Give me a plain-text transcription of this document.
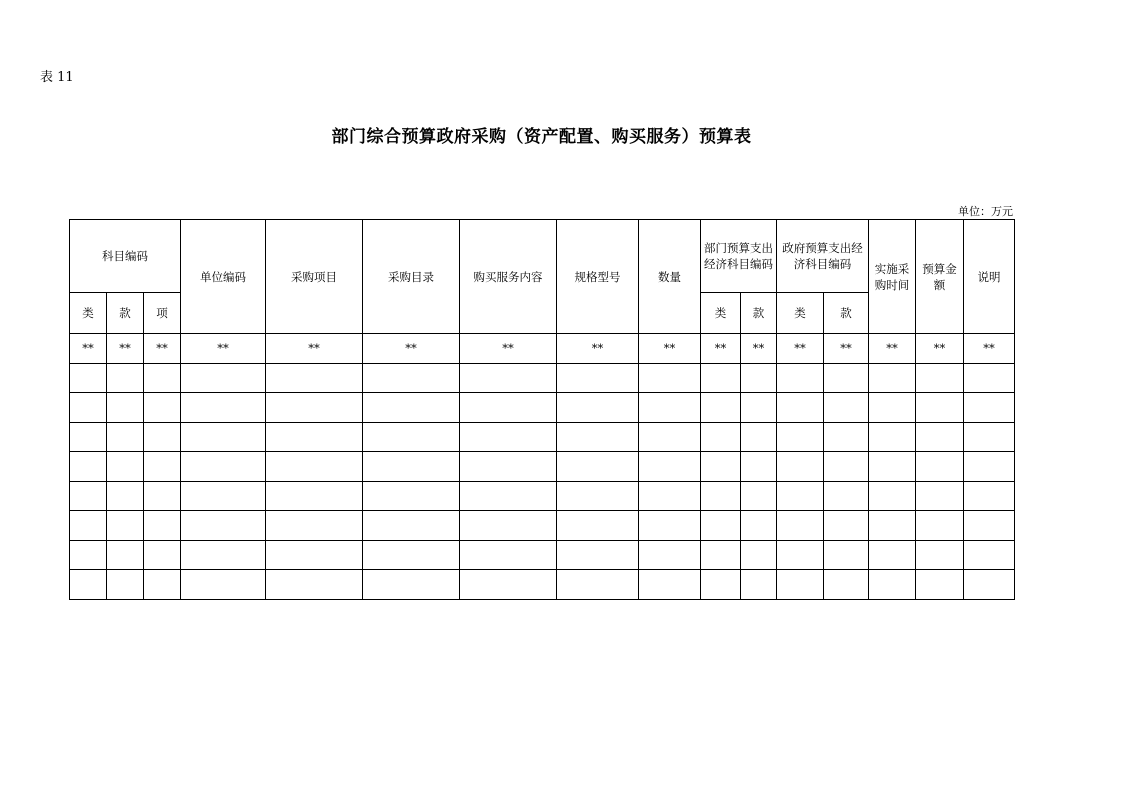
表 11
部门综合预算政府采购（资产配置、购买服务）预算表
单位：万元
科目编码			单位编码	采购项目	采购目录	购买服务内容	规格型号	数量	部门预算支出经济科目编码		政府预算支出经济科目编码		实施采购时间	预算金额	说明
类	款	项							类	款	类	款			
**	**	**	**	**	**	**	**	**	**	**	**	**	**	**	**
